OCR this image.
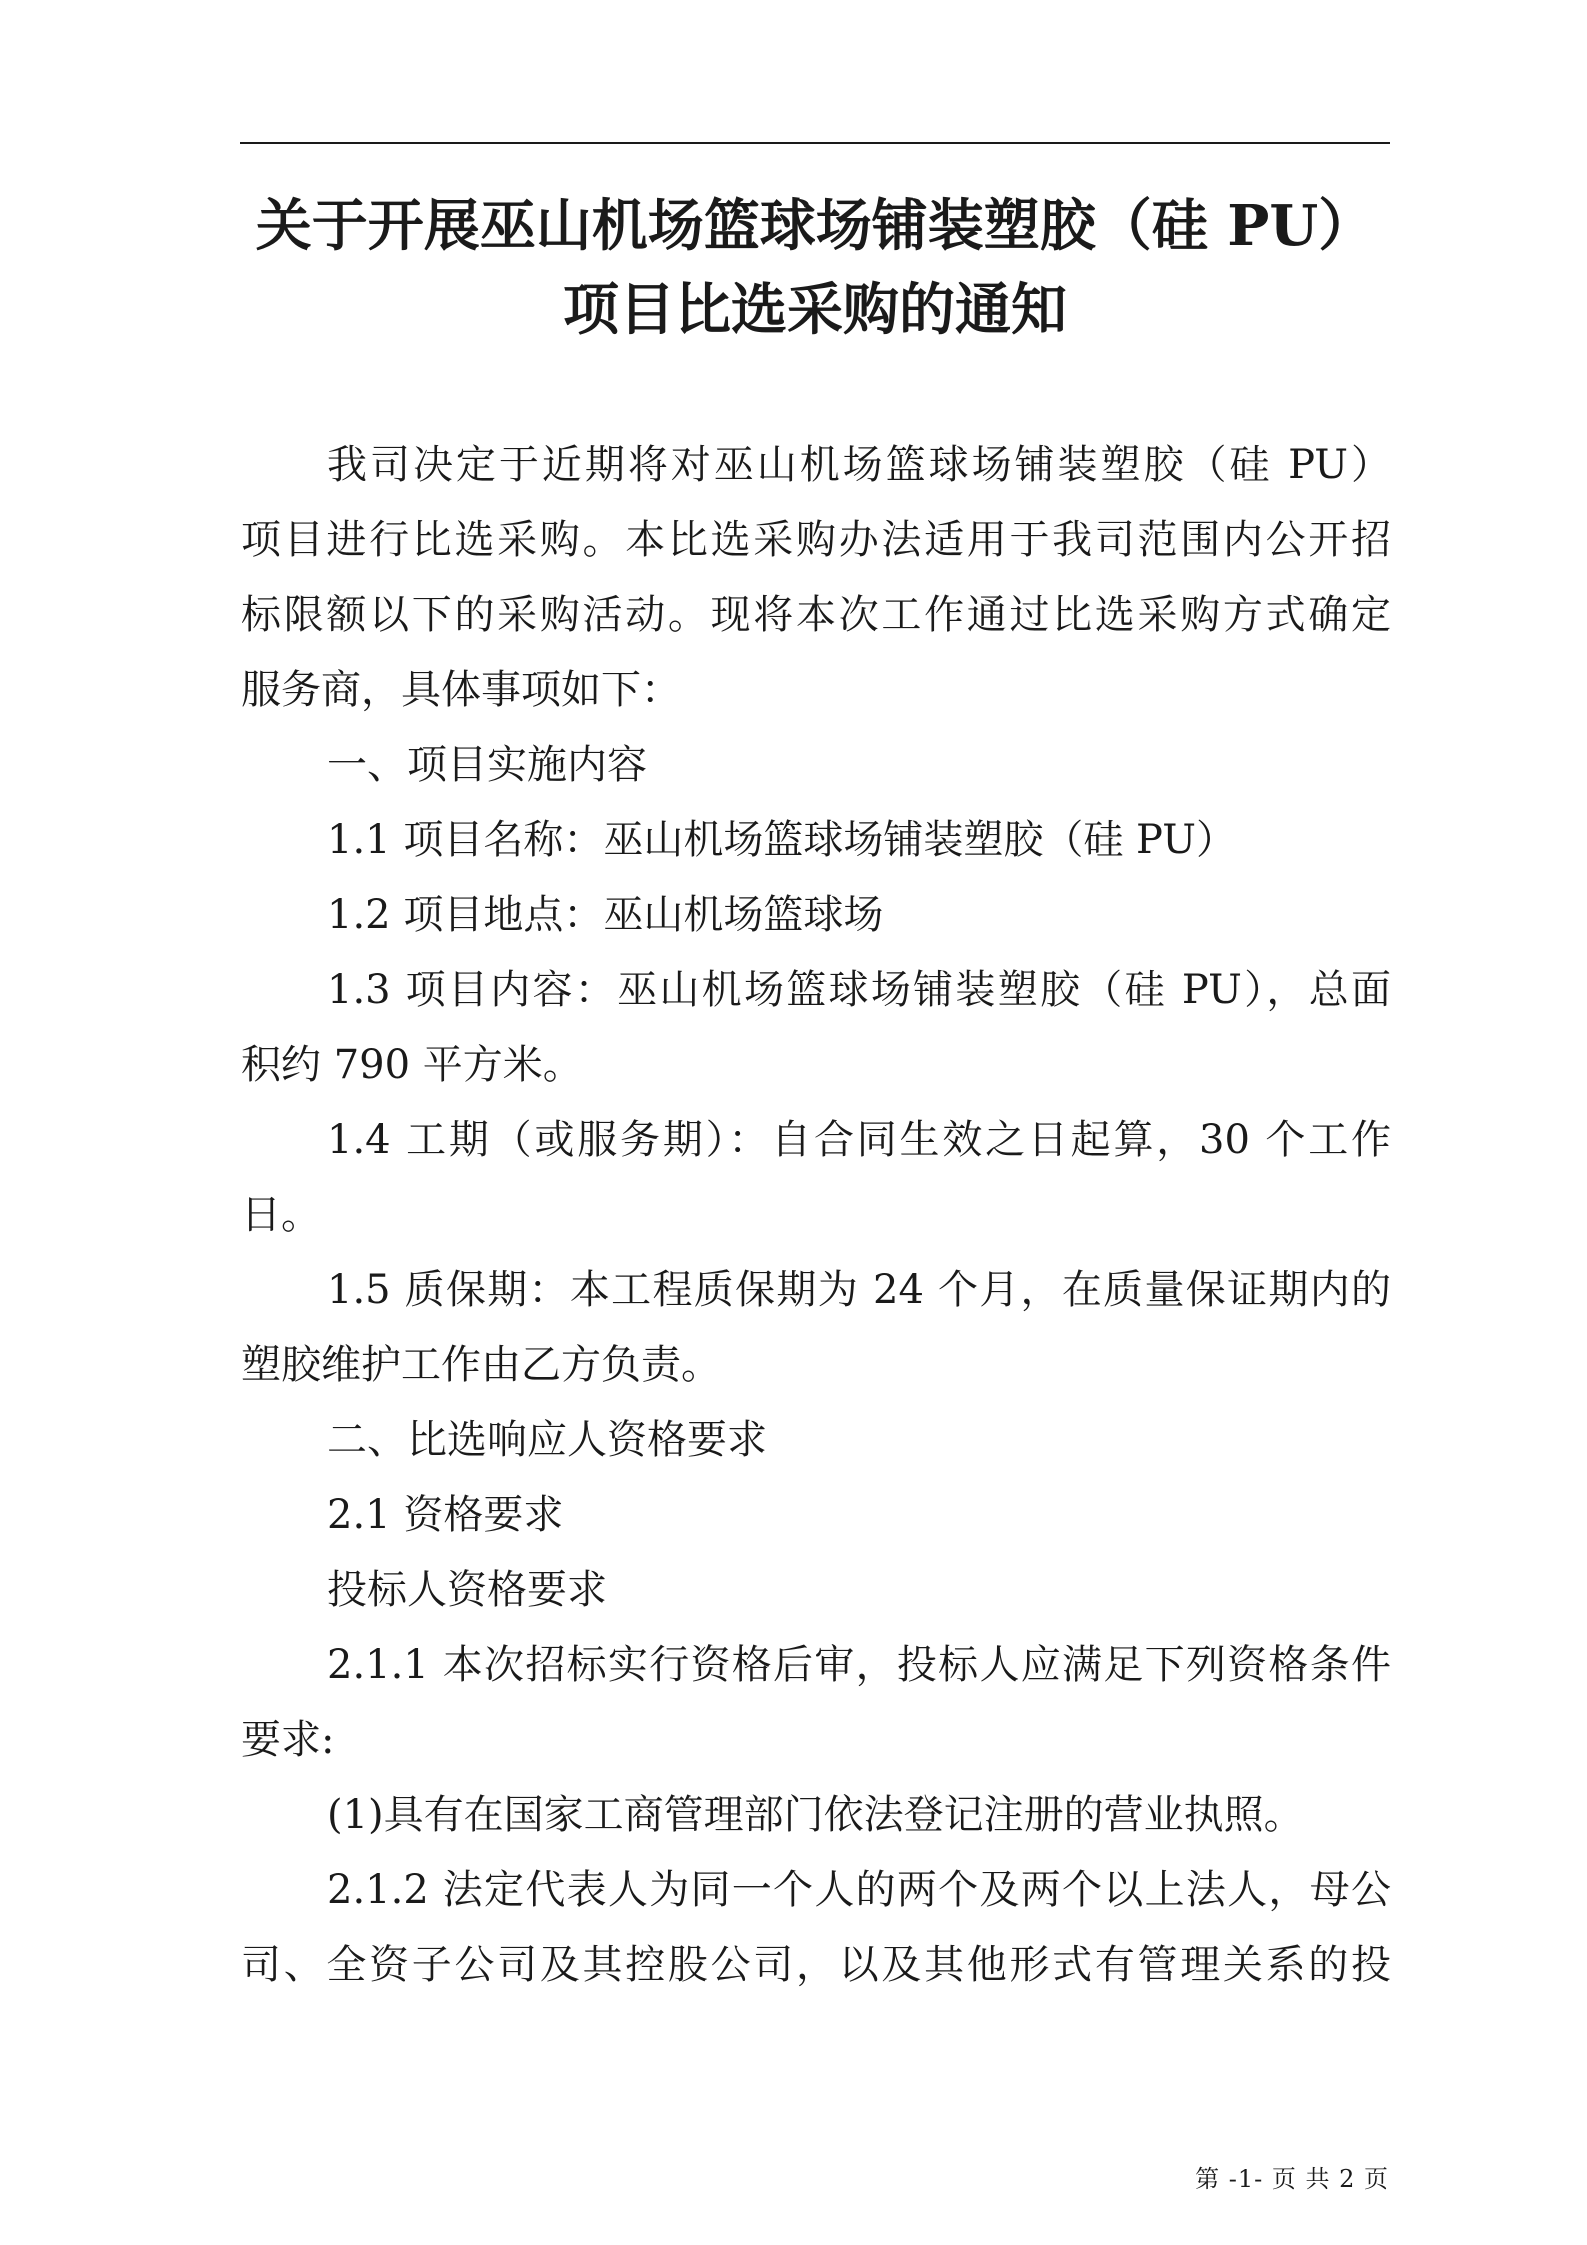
关于开展巫山机场篮球场铺装塑胶（硅 PU）
项目比选采购的通知
我司决定于近期将对巫山机场篮球场铺装塑胶（硅 PU）
项目进行比选采购。本比选采购办法适用于我司范围内公开招
标限额以下的采购活动。现将本次工作通过比选采购方式确定
服务商，具体事项如下：
一、项目实施内容
1.1 项目名称：巫山机场篮球场铺装塑胶（硅 PU）
1.2 项目地点：巫山机场篮球场
1.3 项目内容：巫山机场篮球场铺装塑胶（硅 PU），总面
积约 790 平方米。
1.4 工期（或服务期）：自合同生效之日起算，30 个工作
日。
1.5 质保期：本工程质保期为 24 个月，在质量保证期内的
塑胶维护工作由乙方负责。
二、比选响应人资格要求
2.1 资格要求
投标人资格要求
2.1.1 本次招标实行资格后审，投标人应满足下列资格条件
要求:
(1)具有在国家工商管理部门依法登记注册的营业执照。
2.1.2 法定代表人为同一个人的两个及两个以上法人，母公
司、全资子公司及其控股公司，以及其他形式有管理关系的投
第 -1- 页 共 2 页
